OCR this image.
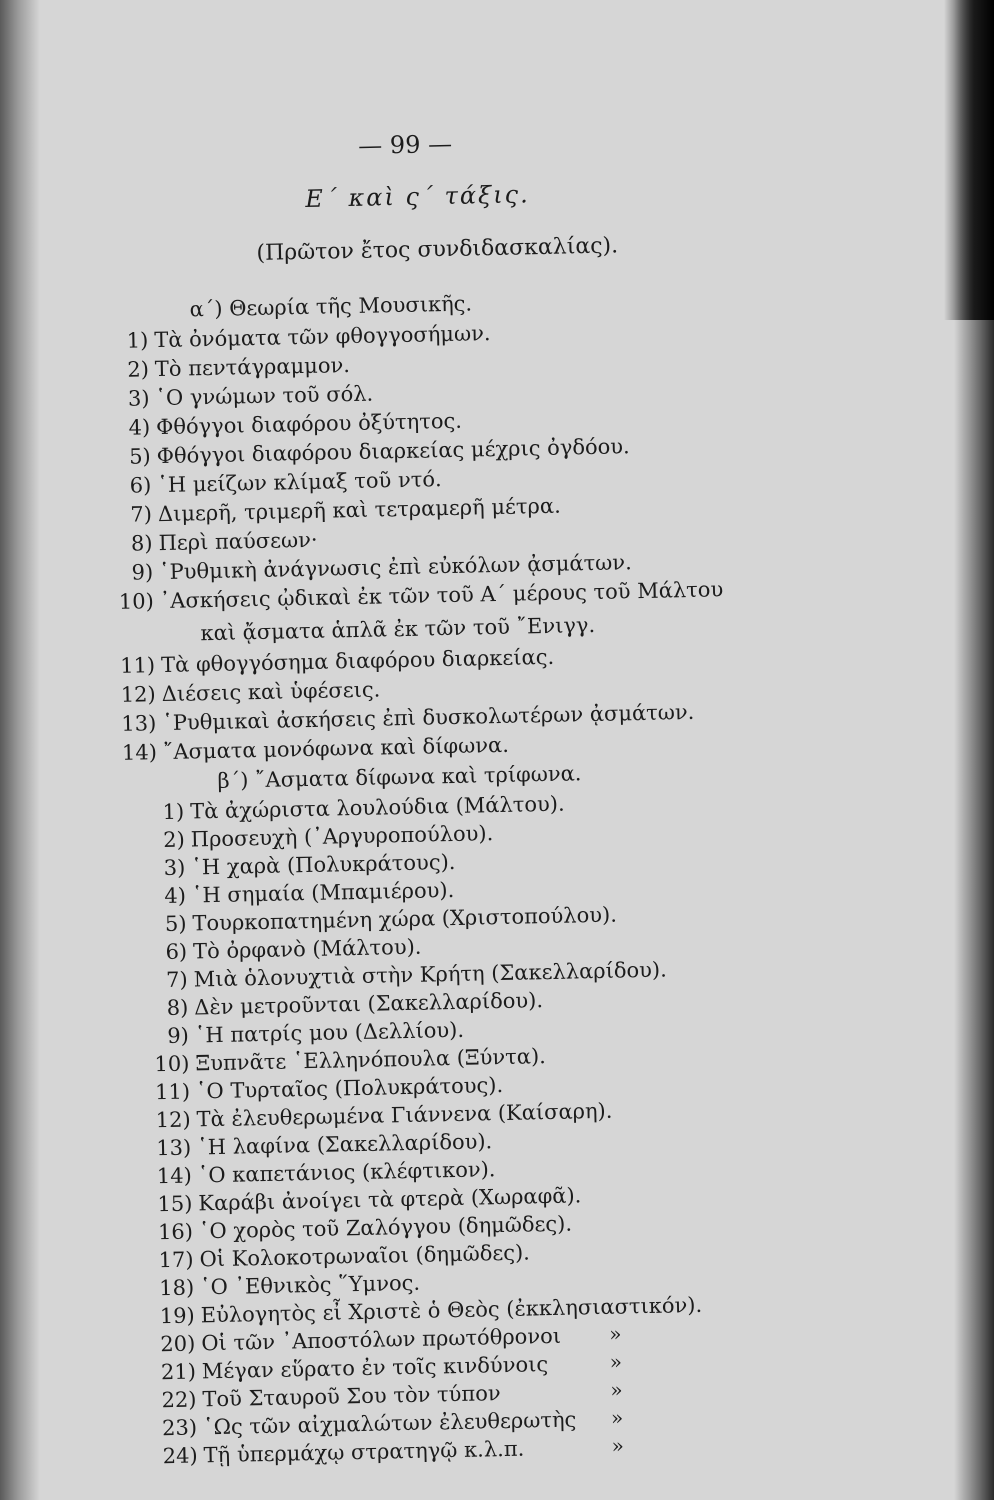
— 99 —
Ε΄ καὶ ς΄ τάξις.
(Πρῶτον ἔτος συνδιδασκαλίας).
α΄) Θεωρία τῆς Μουσικῆς.
1) Τὰ ὀνόματα τῶν φθογγοσήμων.
2) Τὸ πεντάγραμμον.
3) ῾Ο γνώμων τοῦ σόλ.
4) Φθόγγοι διαφόρου ὀξύτητος.
5) Φθόγγοι διαφόρου διαρκείας μέχρις ὀγδόου.
6) ῾Η μείζων κλίμαξ τοῦ ντό.
7) Διμερῆ, τριμερῆ καὶ τετραμερῆ μέτρα.
8) Περὶ παύσεων·
9) ῾Ρυθμικὴ ἀνάγνωσις ἐπὶ εὐκόλων ᾀσμάτων.
10) ᾿Ασκήσεις ᾠδικαὶ ἐκ τῶν τοῦ Α΄ μέρους τοῦ Μάλτου
καὶ ᾄσματα ἁπλᾶ ἐκ τῶν τοῦ ῎Ενιγγ.
11) Τὰ φθογγόσημα διαφόρου διαρκείας.
12) Διέσεις καὶ ὑφέσεις.
13) ῾Ρυθμικαὶ ἀσκήσεις ἐπὶ δυσκολωτέρων ᾀσμάτων.
14) ῎Ασματα μονόφωνα καὶ δίφωνα.
β΄) ῎Ασματα δίφωνα καὶ τρίφωνα.
1) Τὰ ἀχώριστα λουλούδια (Μάλτου).
2) Προσευχὴ (᾿Αργυροπούλου).
3) ῾Η χαρὰ (Πολυκράτους).
4) ῾Η σημαία (Μπαμιέρου).
5) Τουρκοπατημένη χώρα (Χριστοπούλου).
6) Τὸ ὀρφανὸ (Μάλτου).
7) Μιὰ ὁλονυχτιὰ στὴν Κρήτη (Σακελλαρίδου).
8) Δὲν μετροῦνται (Σακελλαρίδου).
9) ῾Η πατρίς μου (Δελλίου).
10) Ξυπνᾶτε ῾Ελληνόπουλα (Ξύντα).
11) ῾Ο Τυρταῖος (Πολυκράτους).
12) Τὰ ἐλευθερωμένα Γιάννενα (Καίσαρη).
13) ῾Η λαφίνα (Σακελλαρίδου).
14) ῾Ο καπετάνιος (κλέφτικον).
15) Καράβι ἀνοίγει τὰ φτερὰ (Χωραφᾶ).
16) ῾Ο χορὸς τοῦ Ζαλόγγου (δημῶδες).
17) Οἱ Κολοκοτρωναῖοι (δημῶδες).
18) ῾Ο ᾿Εθνικὸς ῞Υμνος.
19) Εὐλογητὸς εἶ Χριστὲ ὁ Θεὸς (ἐκκλησιαστικόν).
20) Οἱ τῶν ᾿Αποστόλων πρωτόθρονοι »
21) Μέγαν εὕρατο ἐν τοῖς κινδύνοις	»
22) Τοῦ Σταυροῦ Σου τὸν τύπον	»
23) ῾Ως τῶν αἰχμαλώτων ἐλευθερωτὴς »
24) Τῇ ὑπερμάχῳ στρατηγῷ κ.λ.π.	»
